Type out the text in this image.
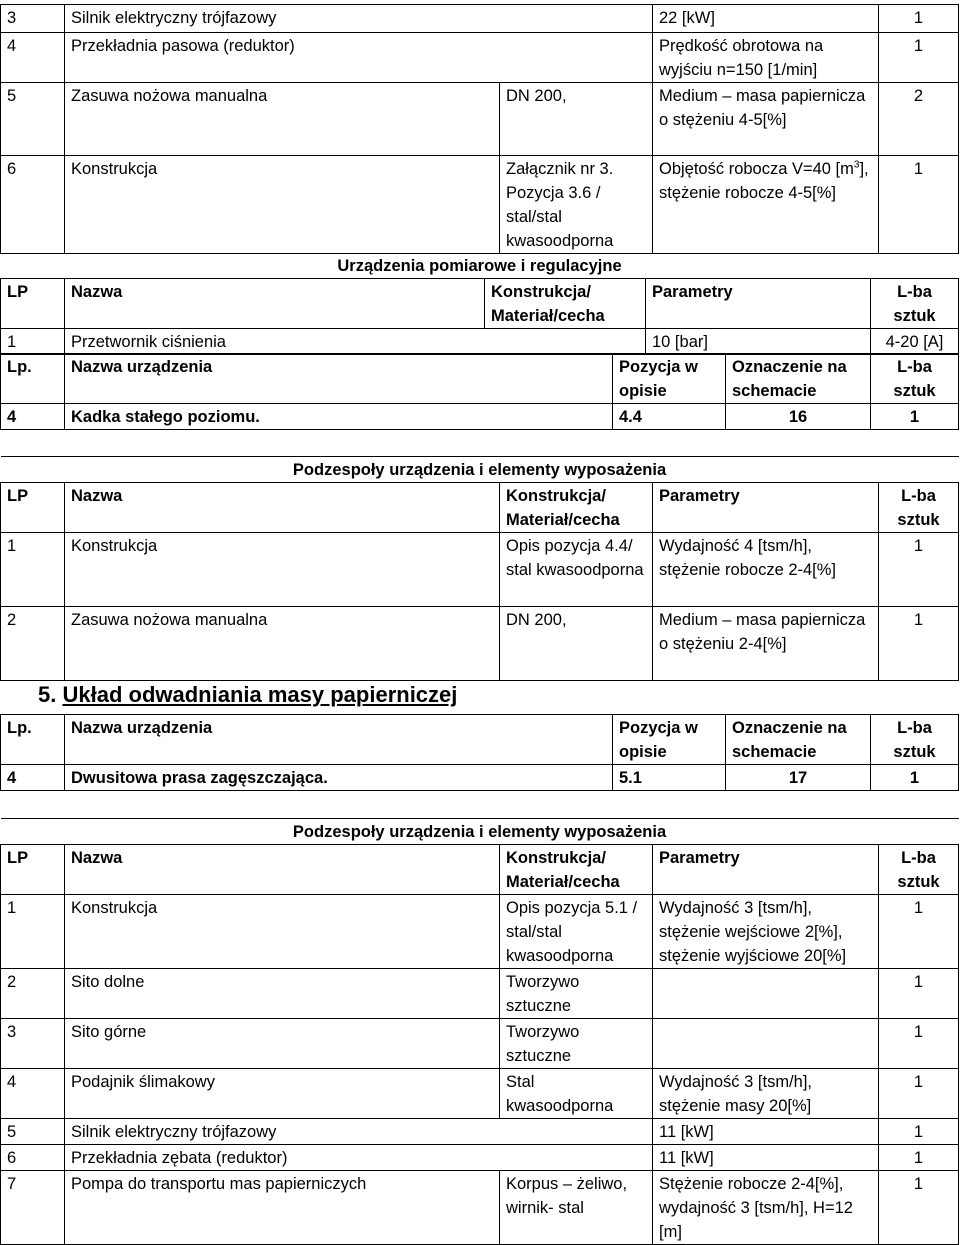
3	Silnik elektryczny trójfazowy		22 [kW]	1
4	Przekładnia pasowa (reduktor)		Prędkość obrotowa na wyjściu n=150 [1/min]	1
5	Zasuwa nożowa manualna	DN 200,	Medium – masa papiernicza o stężeniu 4-5[%]	2
6	Konstrukcja	Załącznik nr 3. Pozycja 3.6 / stal/stal kwasoodporna	Objętość robocza V=40 $[m^3]$, stężenie robocze 4-5[%]	1
Urządzenia pomiarowe i regulacyjne				
LP	Nazwa	Konstrukcja/ Materiał/cecha	Parametry	L-ba sztuk
1	Przetwornik ciśnienia		10 [bar]	4-20 [A]
Lp.	Nazwa urządzenia	Pozycja w opisie	Oznaczenie na schemacie	L-ba sztuk
4	Kadka stałego poziomu.	4.4	16	1
Podzespoły urządzenia i elementy wyposażenia				
LP	Nazwa	Konstrukcja/ Materiał/cecha	Parametry	L-ba sztuk
1	Konstrukcja	Opis pozycja 4.4/ stal kwasoodporna	Wydajność 4 [tsm/h], stężenie robocze 2-4[%]	1
2	Zasuwa nożowa manualna	DN 200,	Medium – masa papiernicza o stężeniu 2-4[%]	1
5. Układ odwadniania masy papierniczej
Lp.	Nazwa urządzenia	Pozycja w opisie	Oznaczenie na schemacie	L-ba sztuk
4	Dwusitowa prasa zagęszczająca.	5.1	17	1
Podzespoły urządzenia i elementy wyposażenia				
LP	Nazwa	Konstrukcja/ Materiał/cecha	Parametry	L-ba sztuk
1	Konstrukcja	Opis pozycja 5.1 / stal/stal kwasoodporna	Wydajność 3 [tsm/h], stężenie wejściowe 2[%], stężenie wyjściowe 20[%]	1
2	Sito dolne	Tworzywo sztuczne		1
3	Sito górne	Tworzywo sztuczne		1
4	Podajnik ślimakowy	Stal kwasoodporna	Wydajność 3 [tsm/h], stężenie masy 20[%]	1
5	Silnik elektryczny trójfazowy		11 [kW]	1
6	Przekładnia zębata (reduktor)		11 [kW]	1
7	Pompa do transportu mas papierniczych	Korpus – żeliwo, wirnik- stal	Stężenie robocze 2-4[%], wydajność 3 [tsm/h], H=12 [m]	1
